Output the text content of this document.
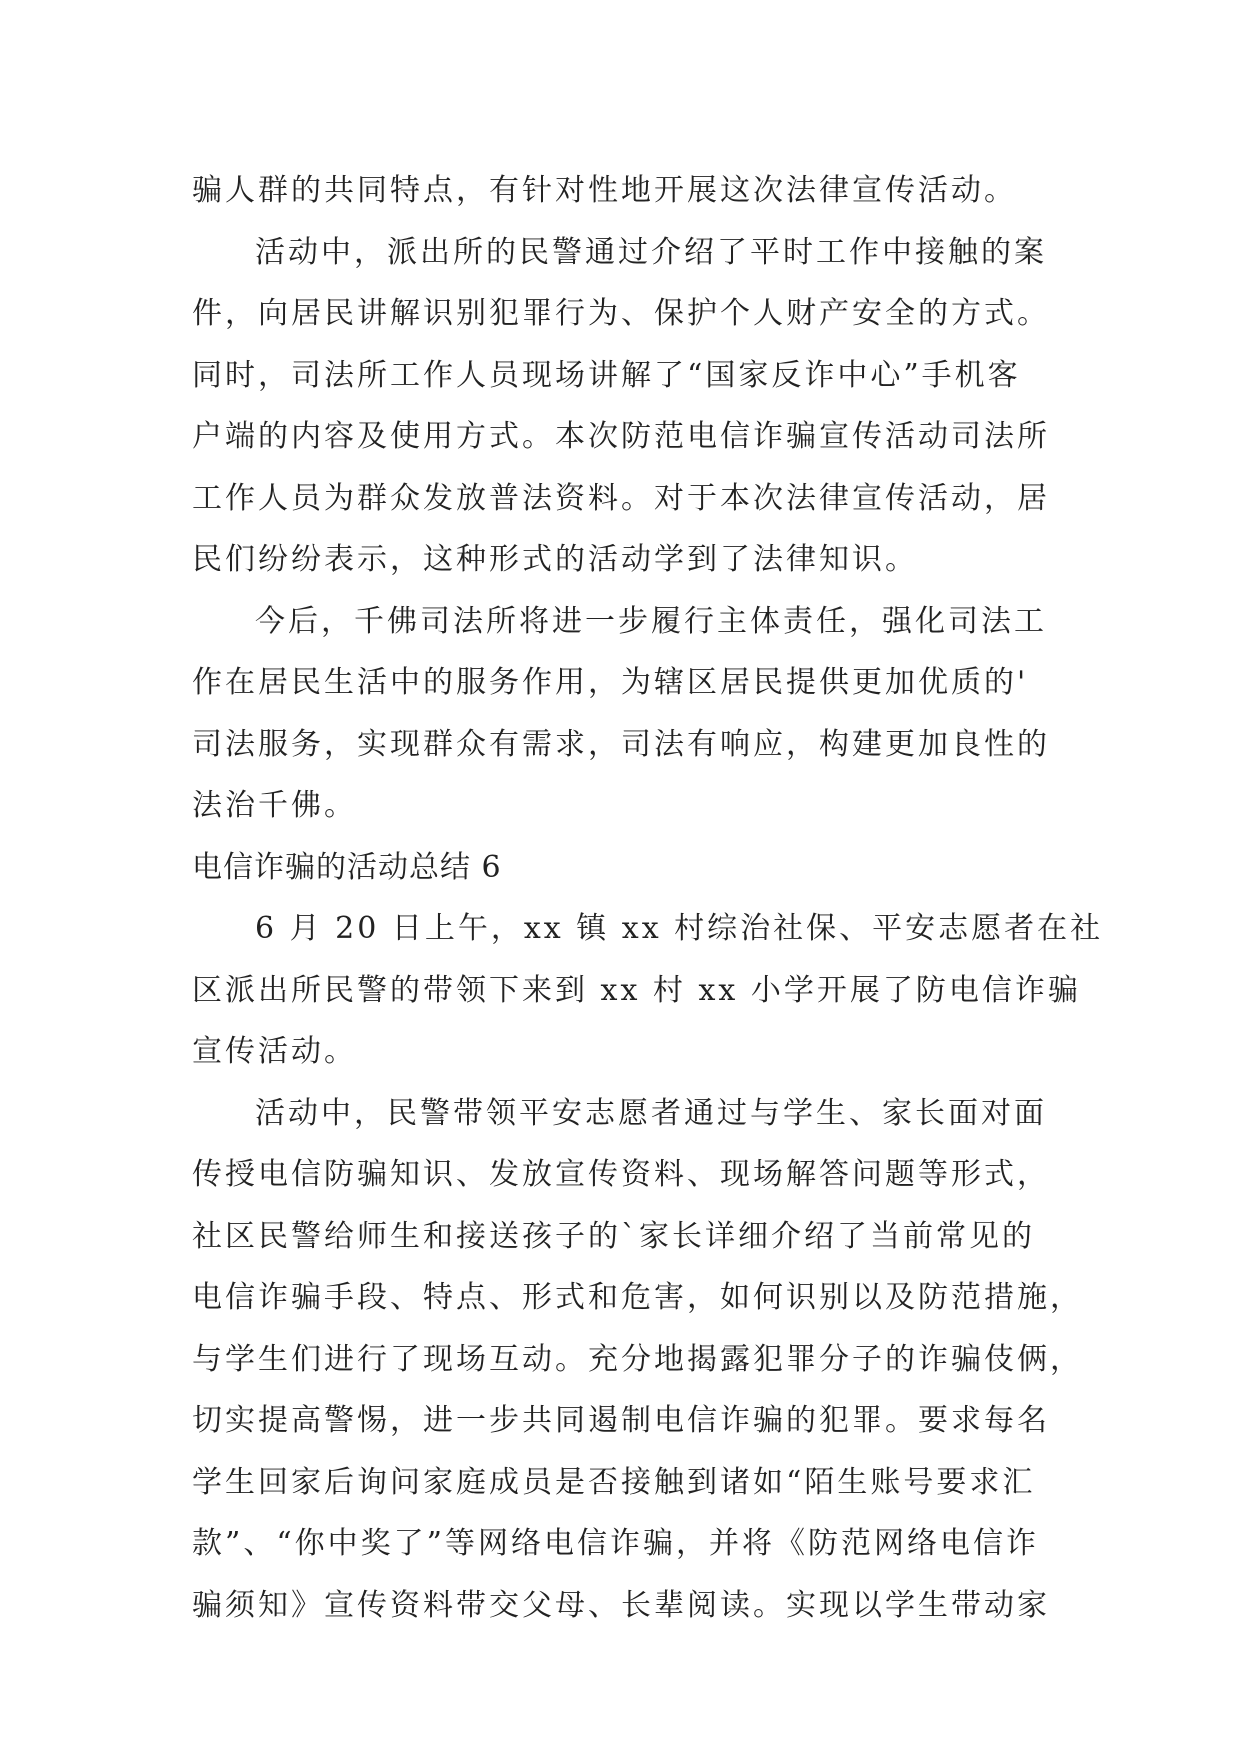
骗人群的共同特点，有针对性地开展这次法律宣传活动。
活动中，派出所的民警通过介绍了平时工作中接触的案
件，向居民讲解识别犯罪行为、保护个人财产安全的方式。
同时，司法所工作人员现场讲解了“国家反诈中心”手机客
户端的内容及使用方式。本次防范电信诈骗宣传活动司法所
工作人员为群众发放普法资料。对于本次法律宣传活动，居
民们纷纷表示，这种形式的活动学到了法律知识。
今后，千佛司法所将进一步履行主体责任，强化司法工
作在居民生活中的服务作用，为辖区居民提供更加优质的'
司法服务，实现群众有需求，司法有响应，构建更加良性的
法治千佛。
电信诈骗的活动总结 6
6 月 20 日上午，xx 镇 xx 村综治社保、平安志愿者在社
区派出所民警的带领下来到 xx 村 xx 小学开展了防电信诈骗
宣传活动。
活动中，民警带领平安志愿者通过与学生、家长面对面
传授电信防骗知识、发放宣传资料、现场解答问题等形式，
社区民警给师生和接送孩子的`家长详细介绍了当前常见的
电信诈骗手段、特点、形式和危害，如何识别以及防范措施，
与学生们进行了现场互动。充分地揭露犯罪分子的诈骗伎俩，
切实提高警惕，进一步共同遏制电信诈骗的犯罪。要求每名
学生回家后询问家庭成员是否接触到诸如“陌生账号要求汇
款”、“你中奖了”等网络电信诈骗，并将《防范网络电信诈
骗须知》宣传资料带交父母、长辈阅读。实现以学生带动家
